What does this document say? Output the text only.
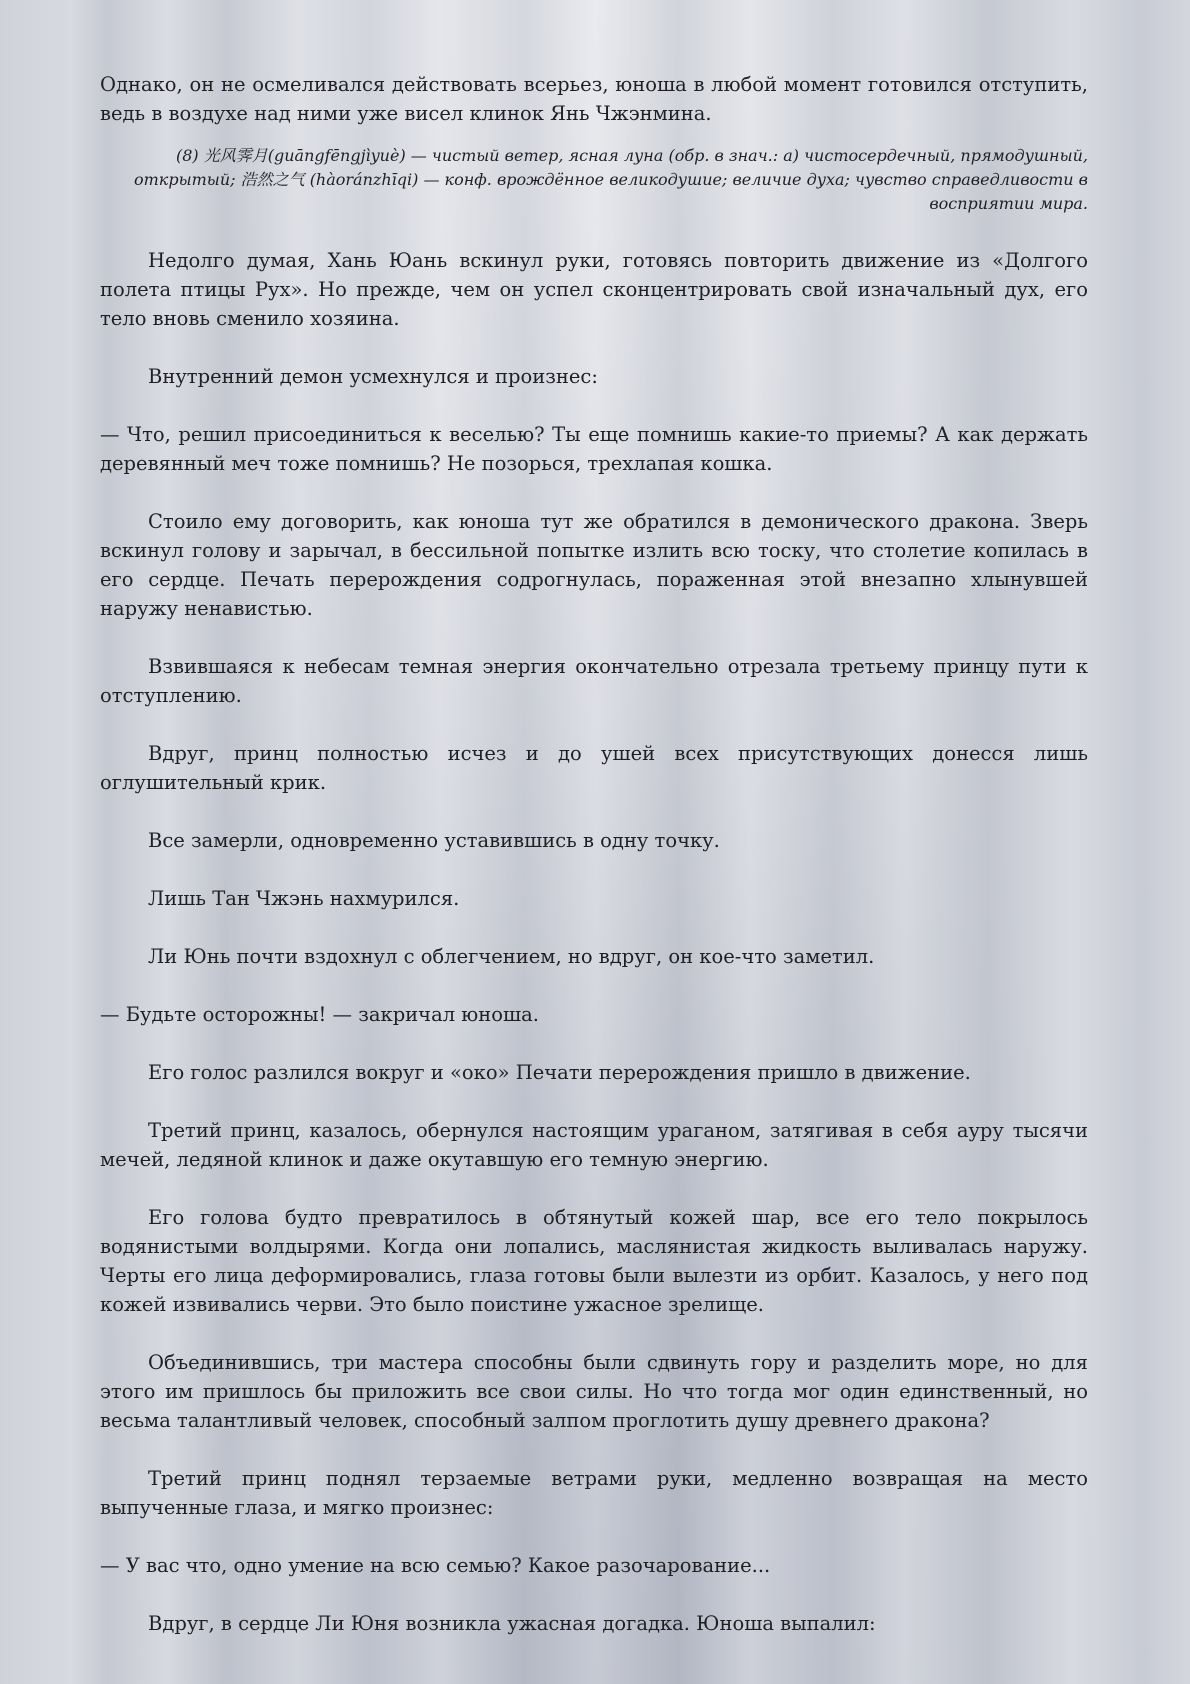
Однако, он не осмеливался действовать всерьез, юноша в любой момент готовился отступить, ведь в воздухе над ними уже висел клинок Янь Чжэнмина.

(8) 光风霁月(guāngfēngjìyuè) — чистый ветер, ясная луна (обр. в знач.: а) чистосердечный, прямодушный, открытый; 浩然之气 (hàoránzhīqi) — конф. врождённое великодушие; величие духа; чувство справедливости в восприятии мира.

Недолго думая, Хань Юань вскинул руки, готовясь повторить движение из «Долгого полета птицы Рух». Но прежде, чем он успел сконцентрировать свой изначальный дух, его тело вновь сменило хозяина.

Внутренний демон усмехнулся и произнес:

— Что, решил присоединиться к веселью? Ты еще помнишь какие-то приемы? А как держать деревянный меч тоже помнишь? Не позорься, трехлапая кошка.

Стоило ему договорить, как юноша тут же обратился в демонического дракона. Зверь вскинул голову и зарычал, в бессильной попытке излить всю тоску, что столетие копилась в его сердце. Печать перерождения содрогнулась, пораженная этой внезапно хлынувшей наружу ненавистью.

Взвившаяся к небесам темная энергия окончательно отрезала третьему принцу пути к отступлению.

Вдруг, принц полностью исчез и до ушей всех присутствующих донесся лишь оглушительный крик.

Все замерли, одновременно уставившись в одну точку.

Лишь Тан Чжэнь нахмурился.

Ли Юнь почти вздохнул с облегчением, но вдруг, он кое-что заметил.

— Будьте осторожны! — закричал юноша.

Его голос разлился вокруг и «око» Печати перерождения пришло в движение.

Третий принц, казалось, обернулся настоящим ураганом, затягивая в себя ауру тысячи мечей, ледяной клинок и даже окутавшую его темную энергию.

Его голова будто превратилось в обтянутый кожей шар, все его тело покрылось водянистыми волдырями. Когда они лопались, маслянистая жидкость выливалась наружу. Черты его лица деформировались, глаза готовы были вылезти из орбит. Казалось, у него под кожей извивались черви. Это было поистине ужасное зрелище.

Объединившись, три мастера способны были сдвинуть гору и разделить море, но для этого им пришлось бы приложить все свои силы. Но что тогда мог один единственный, но весьма талантливый человек, способный залпом проглотить душу древнего дракона?

Третий принц поднял терзаемые ветрами руки, медленно возвращая на место выпученные глаза, и мягко произнес:

— У вас что, одно умение на всю семью? Какое разочарование...

Вдруг, в сердце Ли Юня возникла ужасная догадка. Юноша выпалил:
